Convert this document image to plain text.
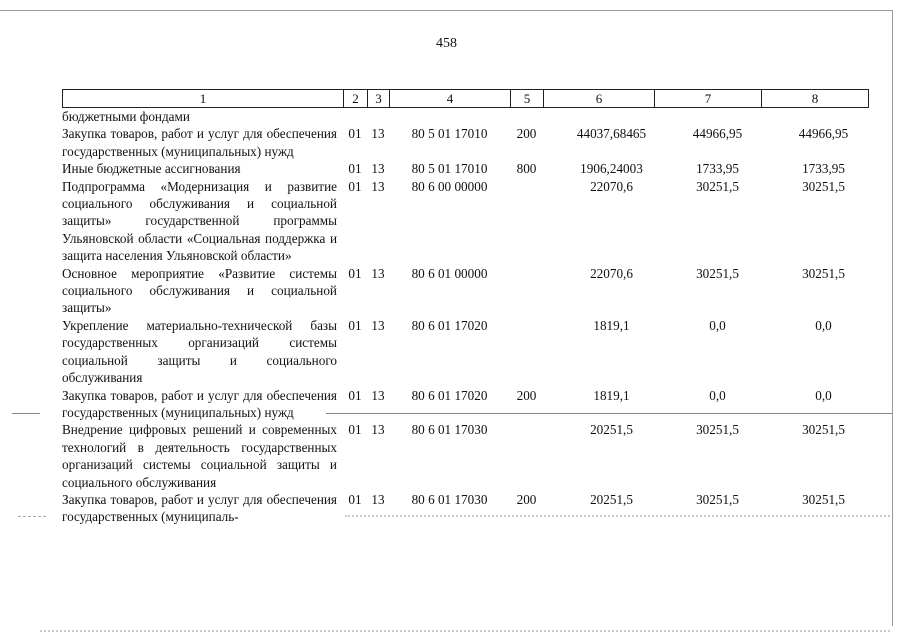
458
1	2	3	4	5	6	7	8
бюджетными фондами							
Закупка товаров, работ и услуг для обеспечения государственных (муниципальных) нужд	01	13	80 5 01 17010	200	44037,68465	44966,95	44966,95
Иные бюджетные ассигнования	01	13	80 5 01 17010	800	1906,24003	1733,95	1733,95
Подпрограмма «Модернизация и развитие социального обслуживания и социальной защиты» государственной программы Ульяновской области «Социальная поддержка и защита населения Ульяновской области»	01	13	80 6 00 00000		22070,6	30251,5	30251,5
Основное мероприятие «Развитие системы социального обслуживания и социальной защиты»	01	13	80 6 01 00000		22070,6	30251,5	30251,5
Укрепление материально-технической базы государственных организаций системы социальной защиты и социального обслуживания	01	13	80 6 01 17020		1819,1	0,0	0,0
Закупка товаров, работ и услуг для обеспечения государственных (муниципальных) нужд	01	13	80 6 01 17020	200	1819,1	0,0	0,0
Внедрение цифровых решений и современных технологий в деятельность государственных организаций системы социальной защиты и социального обслуживания	01	13	80 6 01 17030		20251,5	30251,5	30251,5
Закупка товаров, работ и услуг для обеспечения государственных (муниципаль-	01	13	80 6 01 17030	200	20251,5	30251,5	30251,5
